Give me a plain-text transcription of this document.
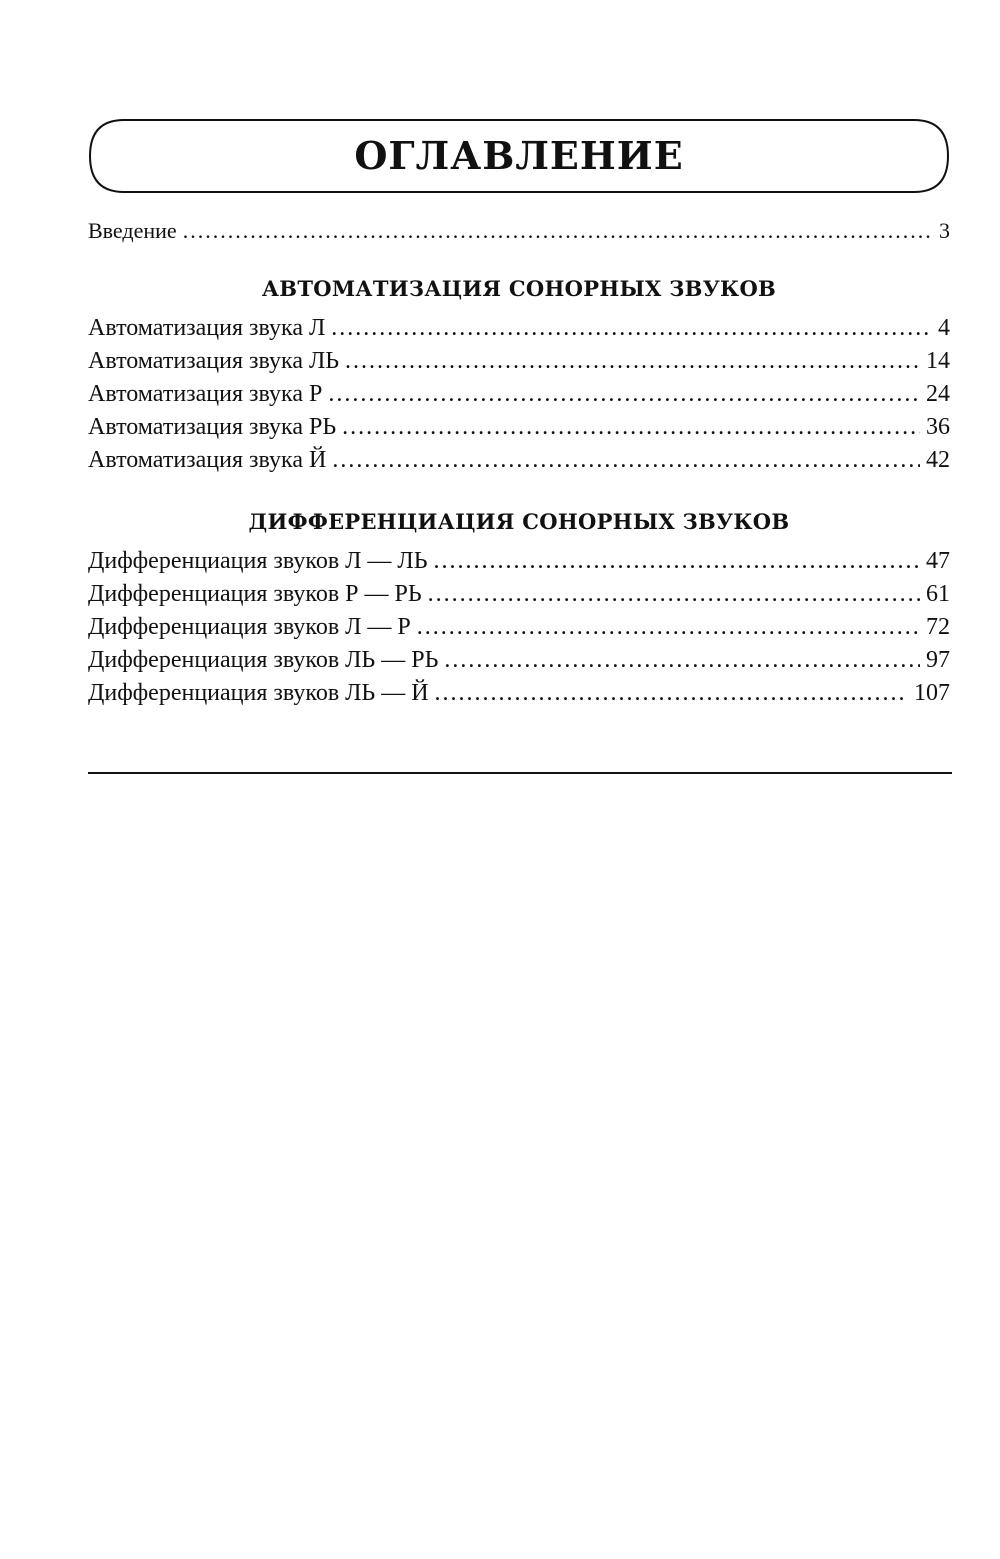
ОГЛАВЛЕНИЕ
Введение .....	3
АВТОМАТИЗАЦИЯ СОНОРНЫХ ЗВУКОВ
Автоматизация звука Л .....	4
Автоматизация звука ЛЬ .....	14
Автоматизация звука Р .....	24
Автоматизация звука РЬ .....	36
Автоматизация звука Й .....	42
ДИФФЕРЕНЦИАЦИЯ СОНОРНЫХ ЗВУКОВ
Дифференциация звуков Л — ЛЬ .....	47
Дифференциация звуков Р — РЬ .....	61
Дифференциация звуков Л — Р .....	72
Дифференциация звуков ЛЬ — РЬ .....	97
Дифференциация звуков ЛЬ — Й .....	107
